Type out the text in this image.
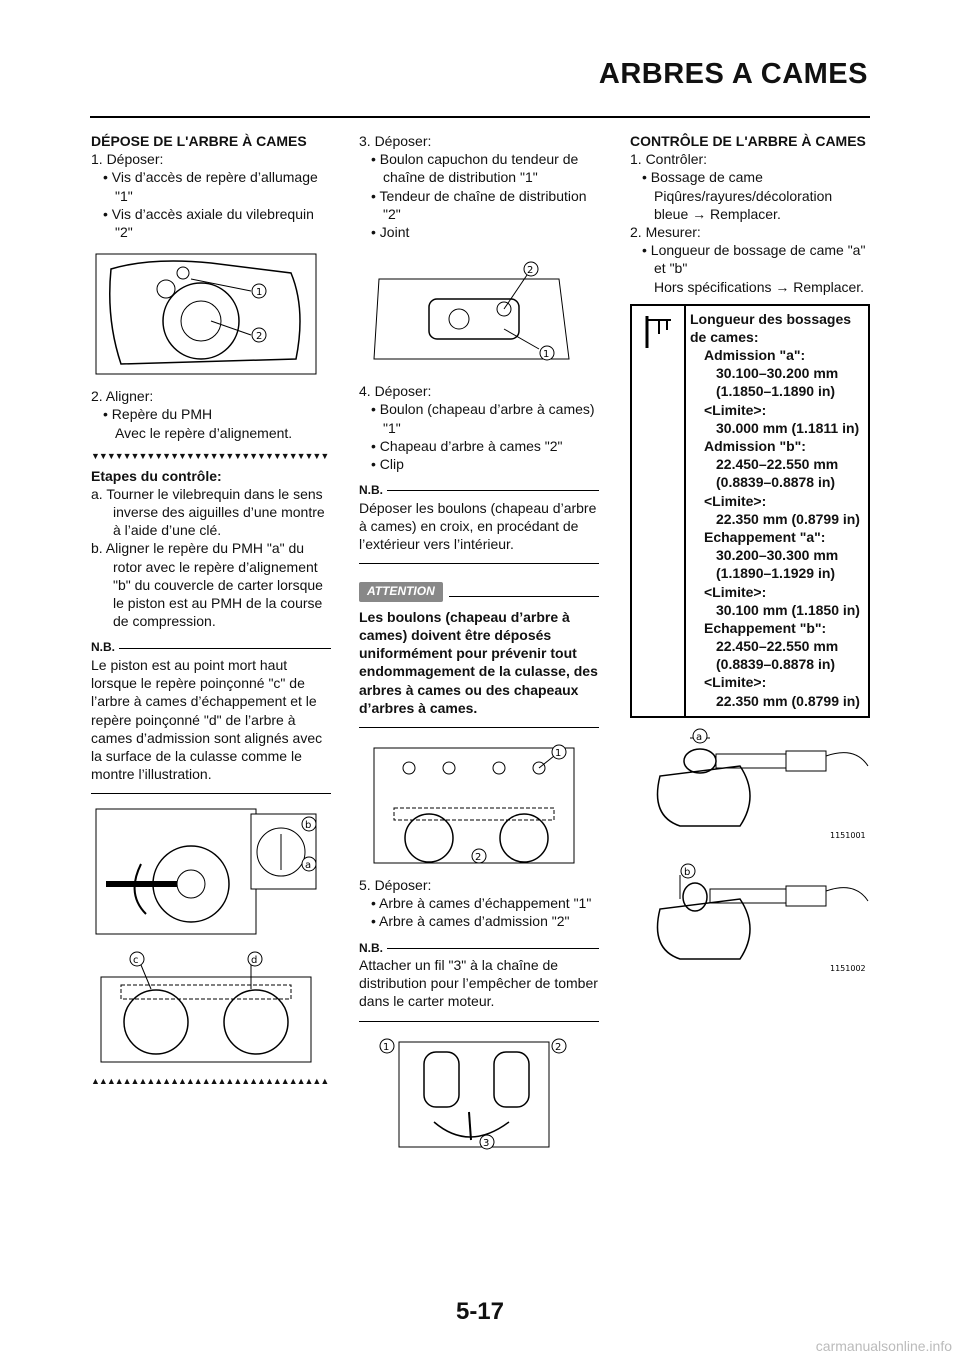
ARBRES A CAMES

DÉPOSE DE L'ARBRE À CAMES

1. Déposer:

• Vis d’accès de repère d’allumage "1"

• Vis d’accès axiale du vilebrequin "2"

1
2

2. Aligner:

• Repère du PMH

Avec le repère d’alignement.

▼▼▼▼▼▼▼▼▼▼▼▼▼▼▼▼▼▼▼▼▼▼▼▼▼▼▼▼▼▼

Etapes du contrôle:

a. Tourner le vilebrequin dans le sens inverse des aiguilles d’une montre à l’aide d’une clé.

b. Aligner le repère du PMH "a" du rotor avec le repère d’alignement "b" du couvercle de carter lorsque le piston est au PMH de la course de compression.

N.B.

Le piston est au point mort haut lorsque le repère poinçonné "c" de l’arbre à cames d’échappement et le repère poinçonné "d" de l’arbre à cames d’admission sont alignés avec la surface de la culasse comme le montre l’illustration.

b
a
c	d
▲▲▲▲▲▲▲▲▲▲▲▲▲▲▲▲▲▲▲▲▲▲▲▲▲▲▲▲▲▲

3. Déposer:

• Boulon capuchon du tendeur de chaîne de distribution "1"

• Tendeur de chaîne de distribution "2"

• Joint

2
1

4. Déposer:

• Boulon (chapeau d’arbre à cames) "1"

• Chapeau d’arbre à cames "2"

• Clip

N.B.

Déposer les boulons (chapeau d’arbre à cames) en croix, en procédant de l’extérieur vers l’intérieur.

ATTENTION

Les boulons (chapeau d’arbre à cames) doivent être déposés uniformément pour prévenir tout endommagement de la culasse, des arbres à cames ou des chapeaux d’arbres à cames.

1
2

5. Déposer:

• Arbre à cames d’échappement "1"

• Arbre à cames d’admission "2"

N.B.

Attacher un fil "3" à la chaîne de distribution pour l’empêcher de tomber dans le carter moteur.

1	2
3

CONTRÔLE DE L'ARBRE À CAMES

1. Contrôler:

• Bossage de came

Piqûres/rayures/décoloration bleue → Remplacer.

2. Mesurer:

• Longueur de bossage de came "a" et "b"

Hors spécifications → Remplacer.

Longueur des bossages de cames:
Admission "a":
30.100–30.200 mm (1.1850–1.1890 in)
<Limite>:
30.000 mm (1.1811 in)
Admission "b":
22.450–22.550 mm (0.8839–0.8878 in)
<Limite>:
22.350 mm (0.8799 in)
Echappement "a":
30.200–30.300 mm (1.1890–1.1929 in)
<Limite>:
30.100 mm (1.1850 in)
Echappement "b":
22.450–22.550 mm (0.8839–0.8878 in)
<Limite>:
22.350 mm (0.8799 in)
a
1151001
b
1151002
5-17
carmanualsonline.info
